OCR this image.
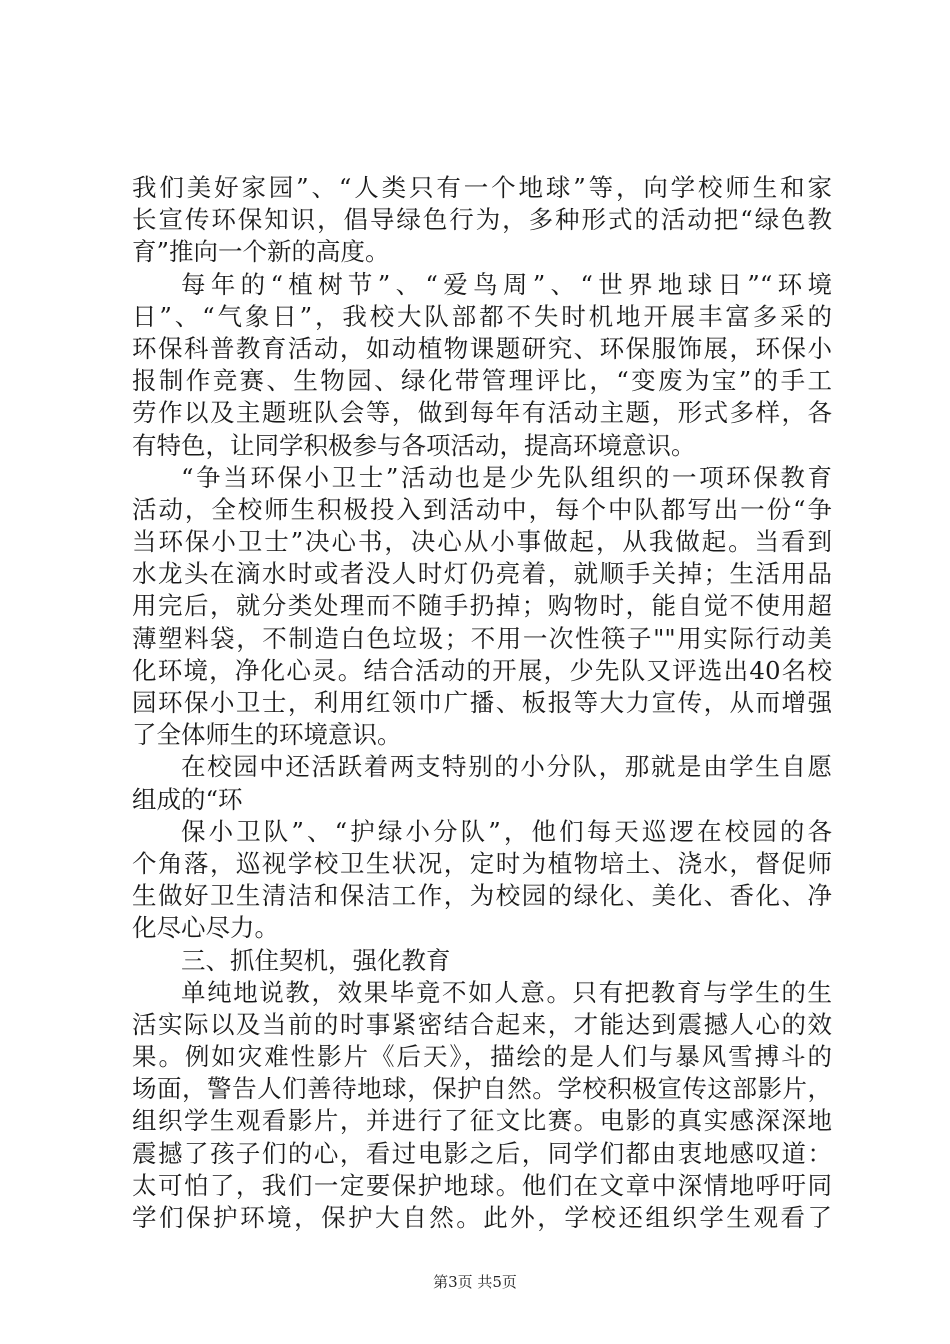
我们美好家园”、“人类只有一个地球”等，向学校师生和家
长宣传环保知识，倡导绿色行为，多种形式的活动把“绿色教
育”推向一个新的高度。
每年的“植树节”、“爱鸟周”、“世界地球日”“环境
日”、“气象日”，我校大队部都不失时机地开展丰富多采的
环保科普教育活动，如动植物课题研究、环保服饰展，环保小
报制作竞赛、生物园、绿化带管理评比，“变废为宝”的手工
劳作以及主题班队会等，做到每年有活动主题，形式多样，各
有特色，让同学积极参与各项活动，提高环境意识。
“争当环保小卫士”活动也是少先队组织的一项环保教育
活动，全校师生积极投入到活动中，每个中队都写出一份“争
当环保小卫士”决心书，决心从小事做起，从我做起。当看到
水龙头在滴水时或者没人时灯仍亮着，就顺手关掉；生活用品
用完后，就分类处理而不随手扔掉；购物时，能自觉不使用超
薄塑料袋，不制造白色垃圾；不用一次性筷子""用实际行动美
化环境，净化心灵。结合活动的开展，少先队又评选出40名校
园环保小卫士，利用红领巾广播、板报等大力宣传，从而增强
了全体师生的环境意识。
在校园中还活跃着两支特别的小分队，那就是由学生自愿
组成的“环
保小卫队”、“护绿小分队”，他们每天巡逻在校园的各
个角落，巡视学校卫生状况，定时为植物培土、浇水，督促师
生做好卫生清洁和保洁工作，为校园的绿化、美化、香化、净
化尽心尽力。
三、抓住契机，强化教育
单纯地说教，效果毕竟不如人意。只有把教育与学生的生
活实际以及当前的时事紧密结合起来，才能达到震撼人心的效
果。例如灾难性影片《后天》，描绘的是人们与暴风雪搏斗的
场面，警告人们善待地球，保护自然。学校积极宣传这部影片，
组织学生观看影片，并进行了征文比赛。电影的真实感深深地
震撼了孩子们的心，看过电影之后，同学们都由衷地感叹道：
太可怕了，我们一定要保护地球。他们在文章中深情地呼吁同
学们保护环境，保护大自然。此外，学校还组织学生观看了
第3页 共5页
